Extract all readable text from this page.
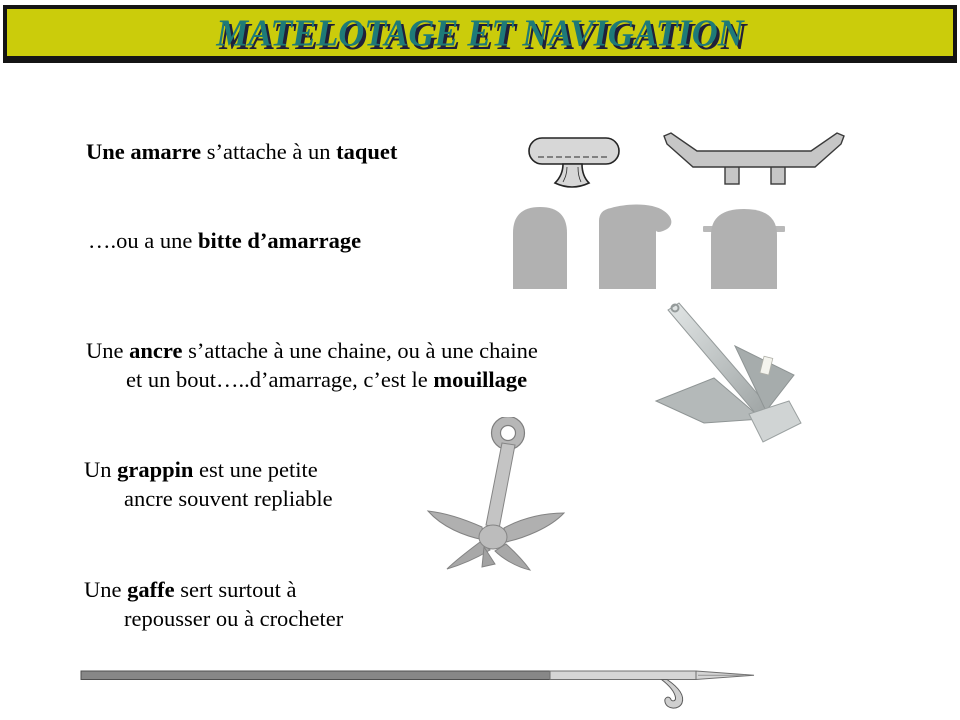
MATELOTAGE ET NAVIGATION
Une amarre s’attache à un taquet
….ou a une bitte d’amarrage
Une ancre s’attache à une chaine, ou à une chaine
et un bout…..d’amarrage, c’est le mouillage
Un grappin est une petite
ancre souvent repliable
Une gaffe sert surtout à
repousser ou à crocheter
